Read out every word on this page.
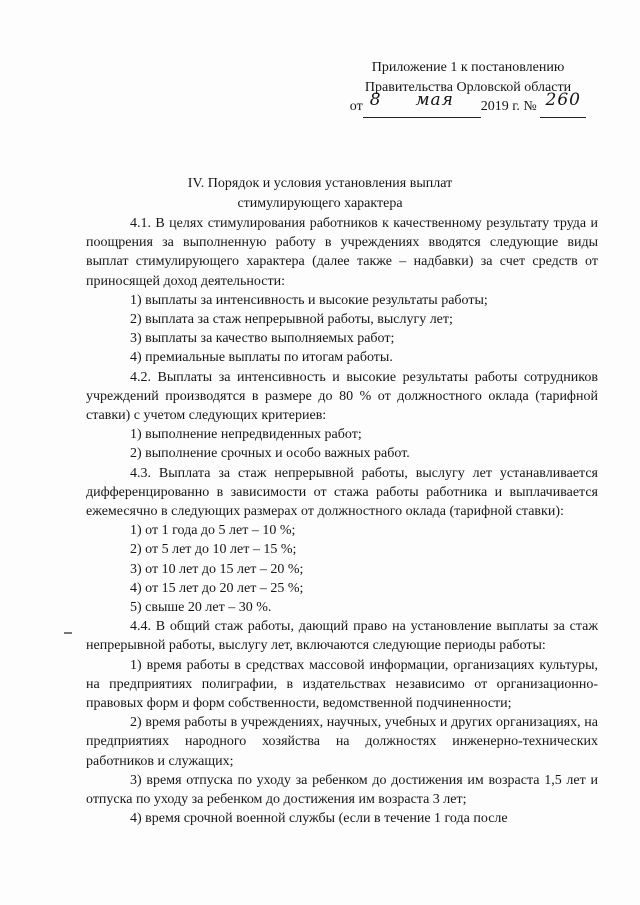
Приложение 1 к постановлению
Правительства Орловской области
от 8
	мая	2019 г. № 260

IV. Порядок и условия установления выплат
стимулирующего характера

4.1. В целях стимулирования работников к качественному результату труда и поощрения за выполненную работу в учреждениях вводятся следующие виды выплат стимулирующего характера (далее также – надбавки) за счет средств от приносящей доход деятельности:

1) выплаты за интенсивность и высокие результаты работы;

2) выплата за стаж непрерывной работы, выслугу лет;

3) выплаты за качество выполняемых работ;

4) премиальные выплаты по итогам работы.

4.2. Выплаты за интенсивность и высокие результаты работы сотрудников учреждений производятся в размере до 80 % от должностного оклада (тарифной ставки) с учетом следующих критериев:

1) выполнение непредвиденных работ;

2) выполнение срочных и особо важных работ.

4.3. Выплата за стаж непрерывной работы, выслугу лет устанавливается дифференцированно в зависимости от стажа работы работника и выплачивается ежемесячно в следующих размерах от должностного оклада (тарифной ставки):

1) от 1 года до 5 лет – 10 %;

2) от 5 лет до 10 лет – 15 %;

3) от 10 лет до 15 лет – 20 %;

4) от 15 лет до 20 лет – 25 %;

5) свыше 20 лет – 30 %.

4.4. В общий стаж работы, дающий право на установление выплаты за стаж непрерывной работы, выслугу лет, включаются следующие периоды работы:

1) время работы в средствах массовой информации, организациях культуры, на предприятиях полиграфии, в издательствах независимо от организационно-правовых форм и форм собственности, ведомственной подчиненности;

2) время работы в учреждениях, научных, учебных и других организациях, на предприятиях народного хозяйства на должностях инженерно-технических работников и служащих;

3) время отпуска по уходу за ребенком до достижения им возраста 1,5 лет и отпуска по уходу за ребенком до достижения им возраста 3 лет;

4) время срочной военной службы (если в течение 1 года после
